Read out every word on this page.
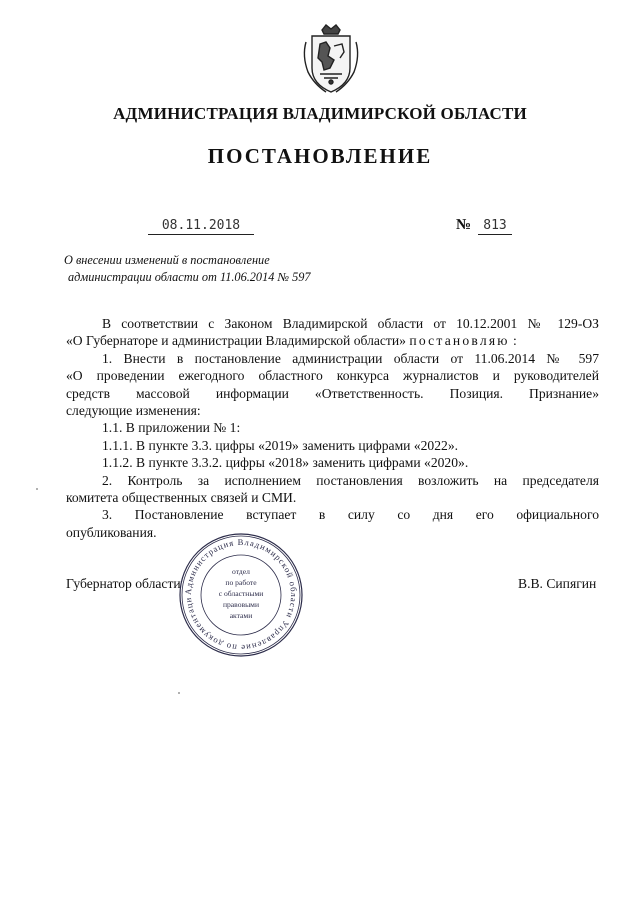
АДМИНИСТРАЦИЯ ВЛАДИМИРСКОЙ ОБЛАСТИ
ПОСТАНОВЛЕНИЕ
08.11.2018	№ 813
О внесении изменений в постановление
администрации области от 11.06.2014 № 597
В соответствии с Законом Владимирской области от 10.12.2001 № 129-ОЗ
«О Губернаторе и администрации Владимирской области» постановляю :
1. Внести в постановление администрации области от 11.06.2014 № 597
«О проведении ежегодного областного конкурса журналистов и руководителей
средств массовой информации «Ответственность. Позиция. Признание»
следующие изменения:
1.1. В приложении № 1:
1.1.1. В пункте 3.3. цифры «2019» заменить цифрами «2022».
1.1.2. В пункте 3.3.2. цифры «2018» заменить цифрами «2020».
2. Контроль за исполнением постановления возложить на председателя
комитета общественных связей и СМИ.
3. Постановление вступает в силу со дня его официального
опубликования.
Губернатор области	В.В. Сипягин
Администрация Владимирской области Управление по документаци
отдел
по работе
с областными
правовыми
актами
